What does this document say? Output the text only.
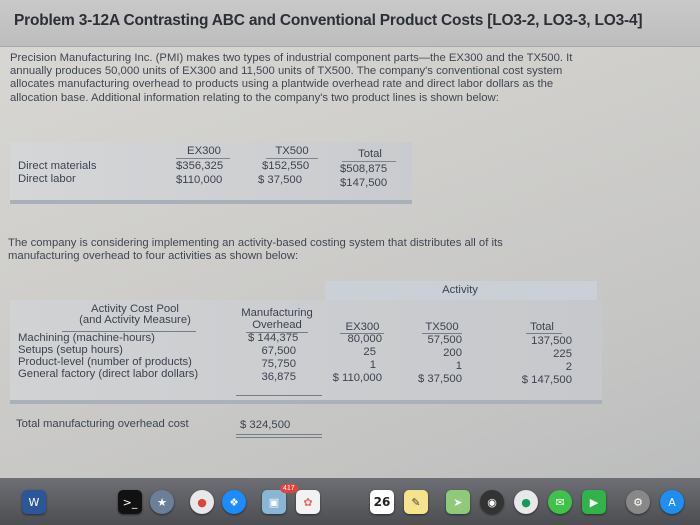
Problem 3-12A Contrasting ABC and Conventional Product Costs [LO3-2, LO3-3, LO3-4]
Precision Manufacturing Inc. (PMI) makes two types of industrial component parts—the EX300 and the TX500. It annually produces 50,000 units of EX300 and 11,500 units of TX500. The company's conventional cost system allocates manufacturing overhead to products using a plantwide overhead rate and direct labor dollars as the allocation base. Additional information relating to the company's two product lines is shown below:
EX300	TX500	Total
Direct materials	$356,325	$152,550	$508,875
Direct labor	$110,000	$ 37,500	$147,500
The company is considering implementing an activity-based costing system that distributes all of its manufacturing overhead to four activities as shown below:
Activity
Activity Cost Pool
(and Activity Measure)
Manufacturing
Overhead	EX300	TX500	Total
Machining (machine-hours)	$ 144,375	80,000	57,500	137,500
Setups (setup hours)	67,500	25	200	225
Product-level (number of products)	75,750	1	1	2
General factory (direct labor dollars)	36,875	$ 110,000	$ 37,500	$ 147,500
Total manufacturing overhead cost	$ 324,500
W	>_	★	●	❖	▣
417
✿	26	✎	➤	◉	●	✉	▶	⚙	A
